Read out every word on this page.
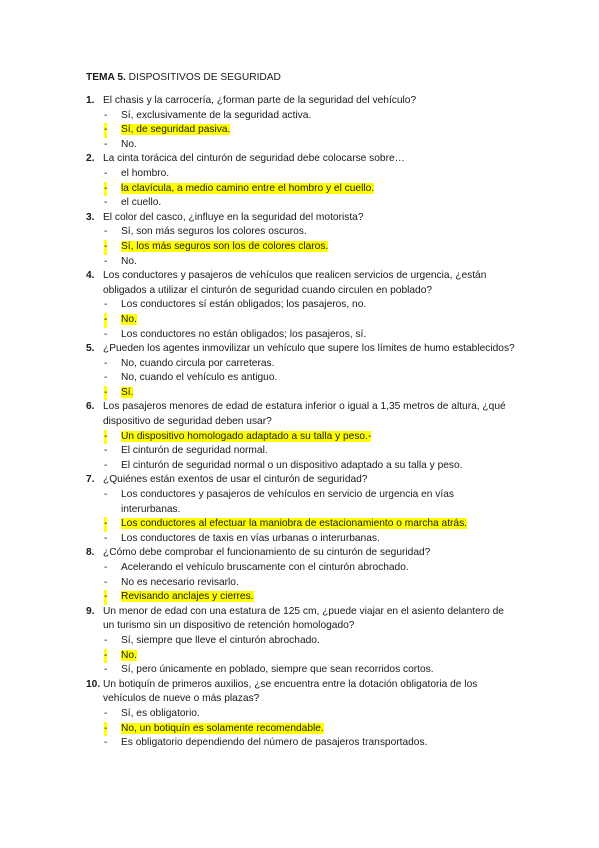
TEMA 5. DISPOSITIVOS DE SEGURIDAD
1. El chasis y la carrocería, ¿forman parte de la seguridad del vehículo?
-	Sí, exclusivamente de la seguridad activa.
- Sí, de seguridad pasiva.
-	No.
2. La cinta torácica del cinturón de seguridad debe colocarse sobre…
-	el hombro.
- la clavícula, a medio camino entre el hombro y el cuello.
-	el cuello.
3. El color del casco, ¿influye en la seguridad del motorista?
-	Sí, son más seguros los colores oscuros.
- Sí, los más seguros son los de colores claros.
-	No.
4. Los conductores y pasajeros de vehículos que realicen servicios de urgencia, ¿están obligados a utilizar el cinturón de seguridad cuando circulen en poblado?
-	Los conductores sí están obligados; los pasajeros, no.
- No.
-	Los conductores no están obligados; los pasajeros, sí.
5. ¿Pueden los agentes inmovilizar un vehículo que supere los límites de humo establecidos?
-	No, cuando circula por carreteras.
-	No, cuando el vehículo es antiguo.
- Sí.
6. Los pasajeros menores de edad de estatura inferior o igual a 1,35 metros de altura, ¿qué dispositivo de seguridad deben usar?
- Un dispositivo homologado adaptado a su talla y peso.-
-	El cinturón de seguridad normal.
-	El cinturón de seguridad normal o un dispositivo adaptado a su talla y peso.
7. ¿Quiénes están exentos de usar el cinturón de seguridad?
-	Los conductores y pasajeros de vehículos en servicio de urgencia en vías interurbanas.
- Los conductores al efectuar la maniobra de estacionamiento o marcha atrás.
-	Los conductores de taxis en vías urbanas o interurbanas.
8. ¿Cómo debe comprobar el funcionamiento de su cinturón de seguridad?
-	Acelerando el vehículo bruscamente con el cinturón abrochado.
-	No es necesario revisarlo.
- Revisando anclajes y cierres.
9. Un menor de edad con una estatura de 125 cm, ¿puede viajar en el asiento delantero de un turismo sin un dispositivo de retención homologado?
-	Sí, siempre que lleve el cinturón abrochado.
- No.
-	Sí, pero únicamente en poblado, siempre que sean recorridos cortos.
10. Un botiquín de primeros auxilios, ¿se encuentra entre la dotación obligatoria de los vehículos de nueve o más plazas?
-	Sí, es obligatorio.
- No, un botiquín es solamente recomendable.
-	Es obligatorio dependiendo del número de pasajeros transportados.
